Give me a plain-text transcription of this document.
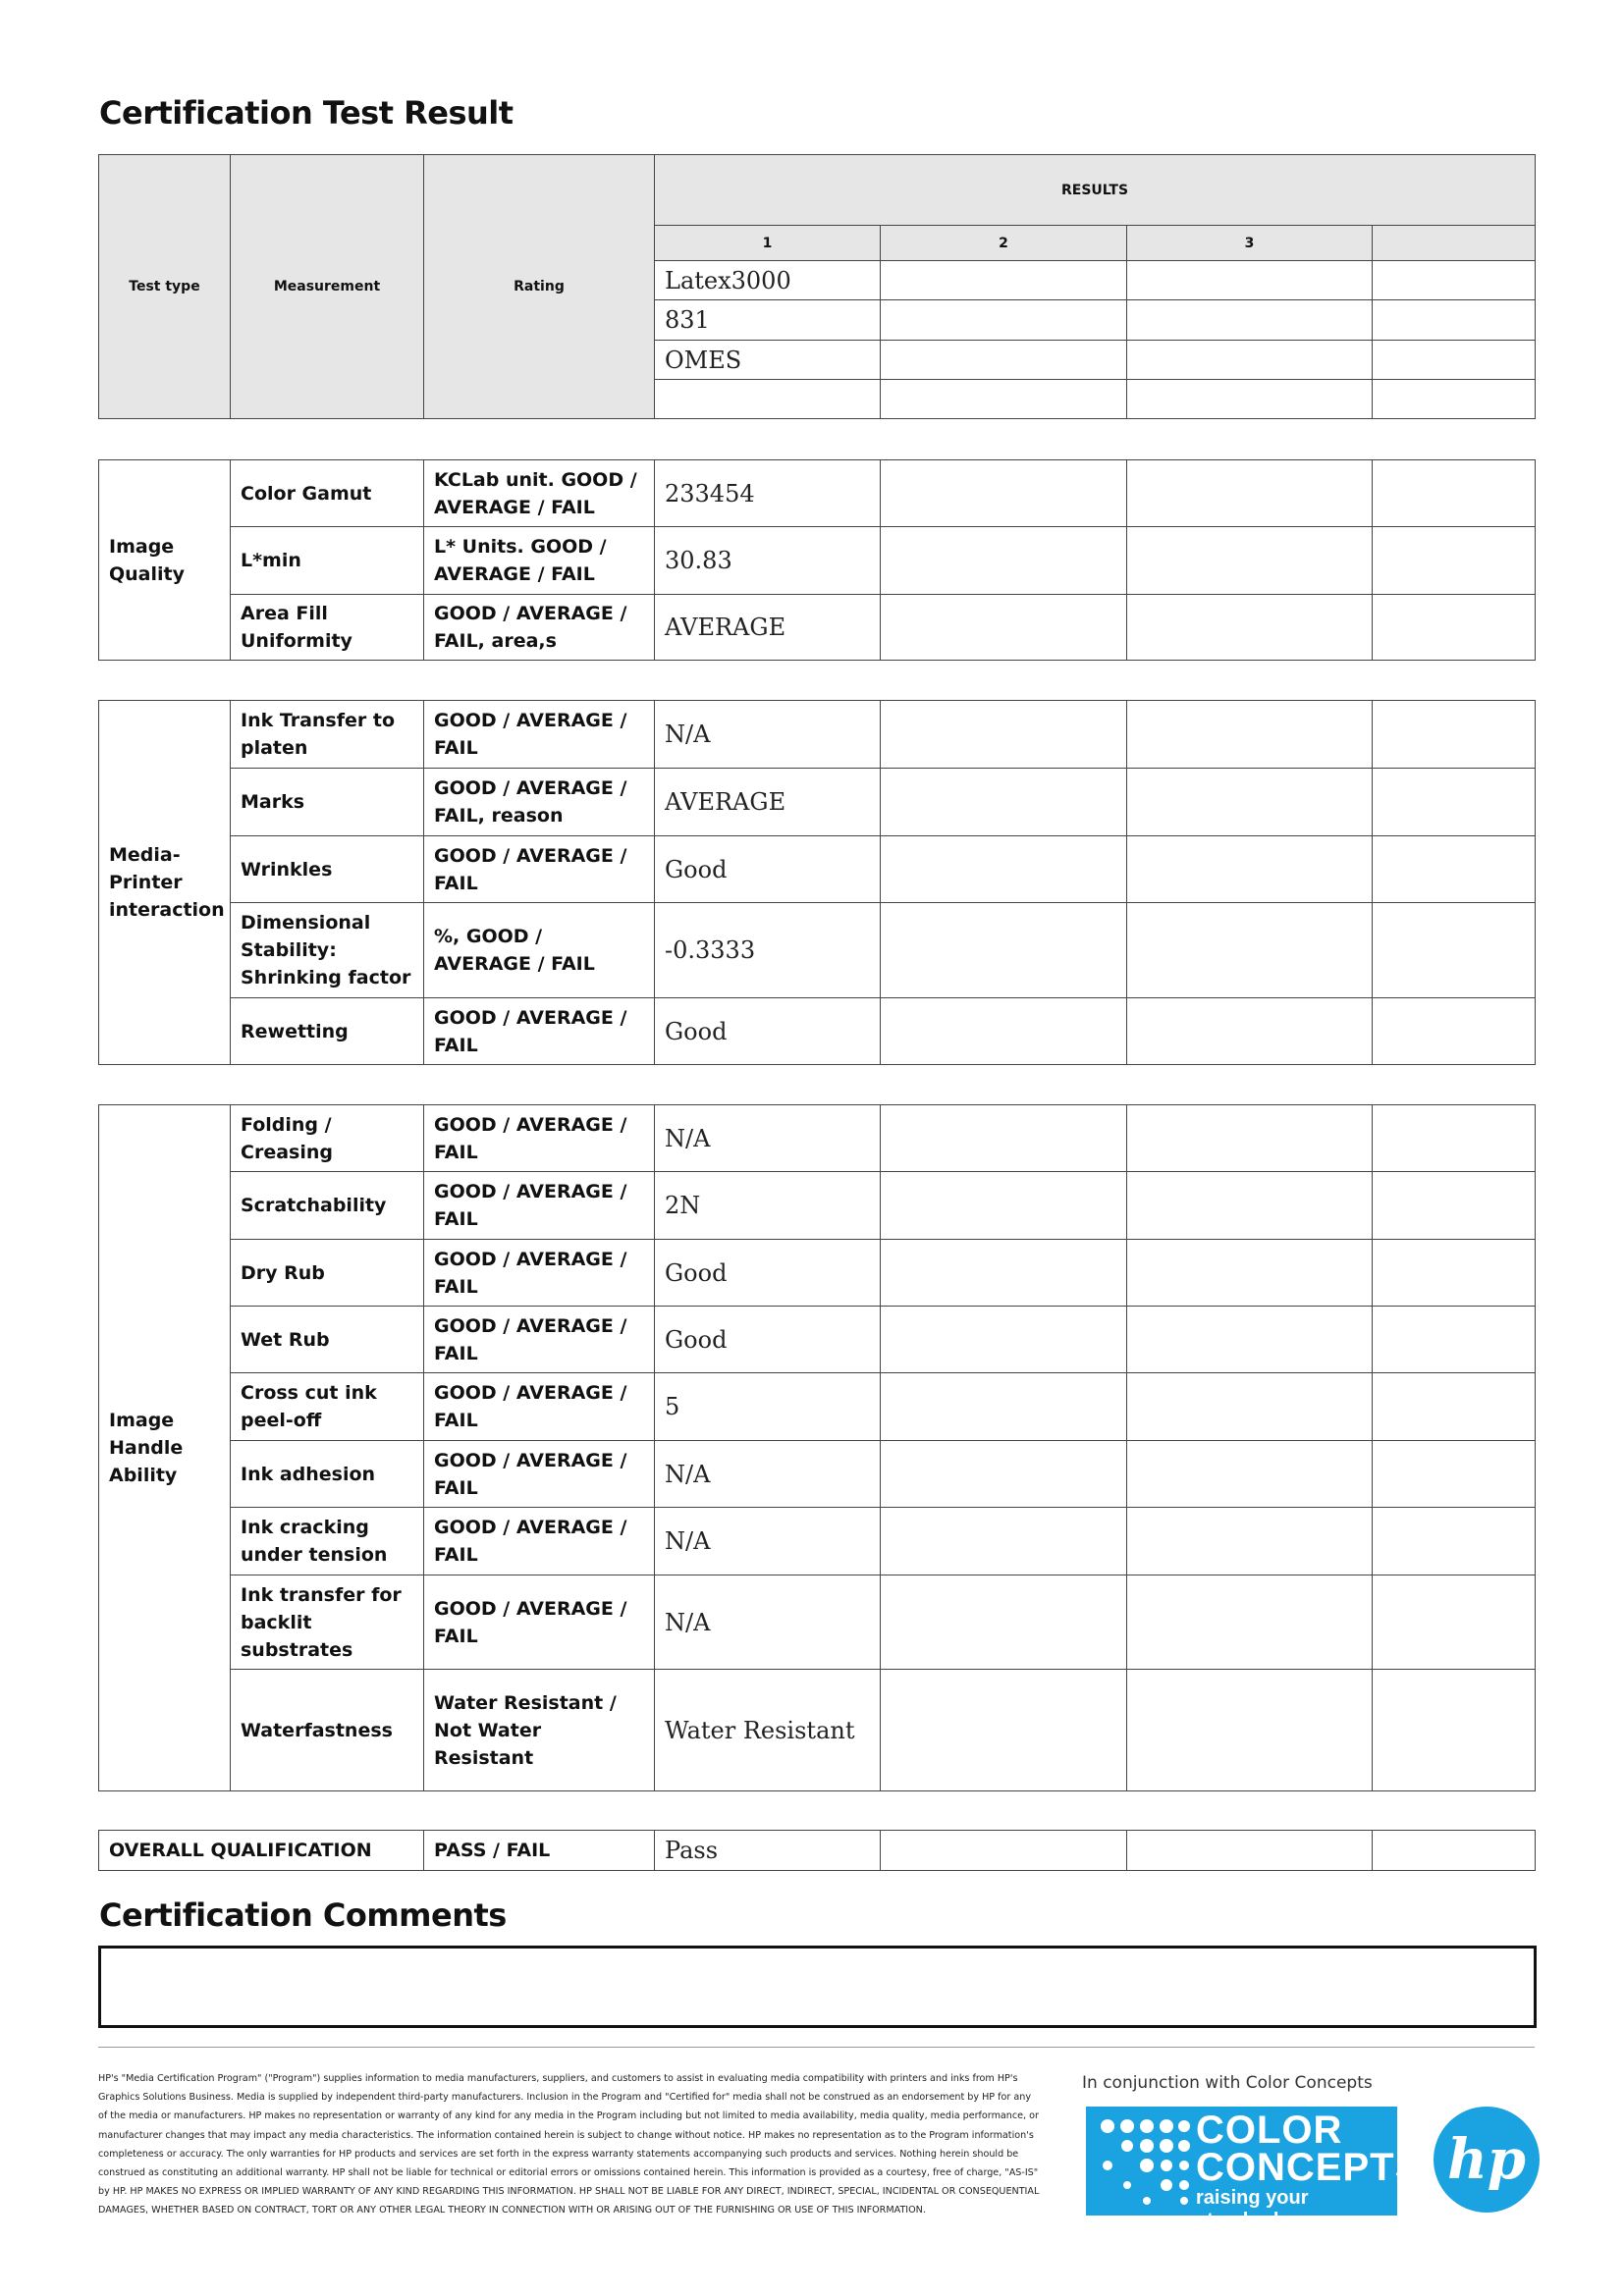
Certification Test Result
Test type	Measurement	Rating	RESULTS			
			1	2	3	
			Latex3000			
			831			
			OMES			

Image Quality	Color Gamut	KCLab unit. GOOD / AVERAGE / FAIL	233454			
	L*min	L* Units. GOOD / AVERAGE / FAIL	30.83			
	Area Fill Uniformity	GOOD / AVERAGE / FAIL, area,s	AVERAGE			
Media-Printer interaction	Ink Transfer to platen	GOOD / AVERAGE / FAIL	N/A			
	Marks	GOOD / AVERAGE / FAIL, reason	AVERAGE			
	Wrinkles	GOOD / AVERAGE / FAIL	Good			
	Dimensional Stability: Shrinking factor	%, GOOD / AVERAGE / FAIL	-0.3333			
	Rewetting	GOOD / AVERAGE / FAIL	Good			
Image Handle Ability	Folding / Creasing	GOOD / AVERAGE / FAIL	N/A			
	Scratchability	GOOD / AVERAGE / FAIL	2N			
	Dry Rub	GOOD / AVERAGE / FAIL	Good			
	Wet Rub	GOOD / AVERAGE / FAIL	Good			
	Cross cut ink peel-off	GOOD / AVERAGE / FAIL	5			
	Ink adhesion	GOOD / AVERAGE / FAIL	N/A			
	Ink cracking under tension	GOOD / AVERAGE / FAIL	N/A			
	Ink transfer for backlit substrates	GOOD / AVERAGE / FAIL	N/A			
	Waterfastness	Water Resistant / Not Water Resistant	Water Resistant			
OVERALL QUALIFICATION	PASS / FAIL	Pass			
Certification Comments
HP's "Media Certification Program" ("Program") supplies information to media manufacturers, suppliers, and customers to assist in evaluating media compatibility with printers and inks from HP's Graphics Solutions Business. Media is supplied by independent third-party manufacturers. Inclusion in the Program and "Certified for" media shall not be construed as an endorsement by HP for any of the media or manufacturers. HP makes no representation or warranty of any kind for any media in the Program including but not limited to media availability, media quality, media performance, or manufacturer changes that may impact any media characteristics. The information contained herein is subject to change without notice. HP makes no representation as to the Program information's completeness or accuracy. The only warranties for HP products and services are set forth in the express warranty statements accompanying such products and services. Nothing herein should be construed as constituting an additional warranty. HP shall not be liable for technical or editorial errors or omissions contained herein. This information is provided as a courtesy, free of charge, "AS-IS" by HP. HP MAKES NO EXPRESS OR IMPLIED WARRANTY OF ANY KIND REGARDING THIS INFORMATION. HP SHALL NOT BE LIABLE FOR ANY DIRECT, INDIRECT, SPECIAL, INCIDENTAL OR CONSEQUENTIAL DAMAGES, WHETHER BASED ON CONTRACT, TORT OR ANY OTHER LEGAL THEORY IN CONNECTION WITH OR ARISING OUT OF THE FURNISHING OR USE OF THIS INFORMATION.
In conjunction with Color Concepts
COLOR
CONCEPTS
raising your standards
hp
